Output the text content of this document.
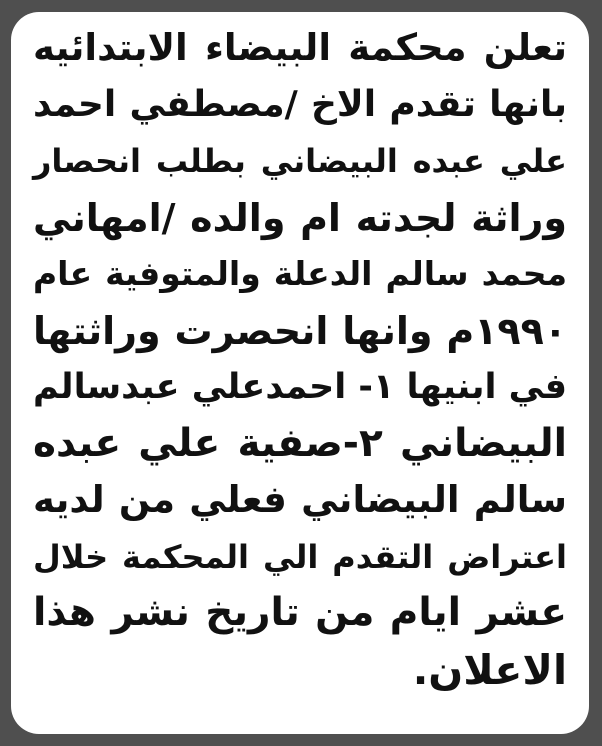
تعلن محكمة البيضاء الابتدائيه
بانها تقدم الاخ /مصطفي احمد
علي عبده البيضاني بطلب انحصار
وراثة لجدته ام والده /امهاني
محمد سالم الدعلة والمتوفية عام
١٩٩٠م وانها انحصرت وراثتها
في ابنيها ١- احمدعلي عبدسالم
البيضاني ٢-صفية علي عبده
سالم البيضاني فعلي من لديه
اعتراض التقدم الي المحكمة خلال
عشر ايام من تاريخ نشر هذا
الاعلان.
